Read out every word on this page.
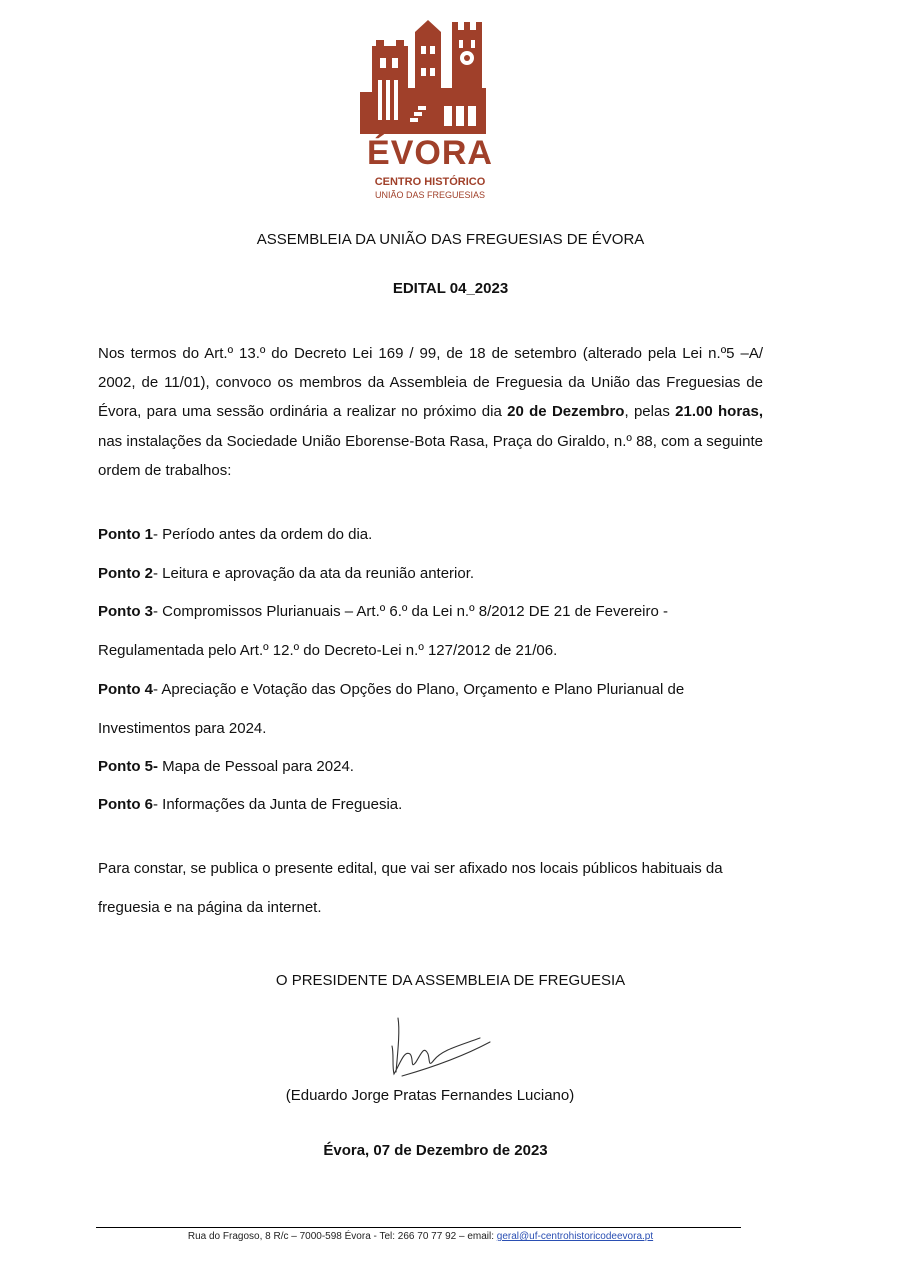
ÉVORA
CENTRO HISTÓRICO
UNIÃO DAS FREGUESIAS
ASSEMBLEIA DA UNIÃO DAS FREGUESIAS DE ÉVORA
EDITAL 04_2023
Nos termos do Art.º 13.º do Decreto Lei 169 / 99, de 18 de setembro (alterado pela Lei n.º5 –A/ 2002, de 11/01), convoco os membros da Assembleia de Freguesia da União das Freguesias de Évora, para uma sessão ordinária a realizar no próximo dia 20 de Dezembro, pelas 21.00 horas, nas instalações da Sociedade União Eborense-Bota Rasa, Praça do Giraldo, n.º 88, com a seguinte ordem de trabalhos:
Ponto 1- Período antes da ordem do dia.
Ponto 2- Leitura e aprovação da ata da reunião anterior.
Ponto 3- Compromissos Plurianuais – Art.º 6.º da Lei n.º 8/2012 DE 21 de Fevereiro - Regulamentada pelo Art.º 12.º do Decreto-Lei n.º 127/2012 de 21/06.
Ponto 4- Apreciação e Votação das Opções do Plano, Orçamento e Plano Plurianual de Investimentos para 2024.
Ponto 5- Mapa de Pessoal para 2024.
Ponto 6- Informações da Junta de Freguesia.
Para constar, se publica o presente edital, que vai ser afixado nos locais públicos habituais da freguesia e na página da internet.
O PRESIDENTE DA ASSEMBLEIA DE FREGUESIA
(Eduardo Jorge Pratas Fernandes Luciano)
Évora, 07 de Dezembro de 2023
Rua do Fragoso, 8 R/c – 7000-598 Évora - Tel: 266 70 77 92 – email: geral@uf-centrohistoricodeevora.pt
